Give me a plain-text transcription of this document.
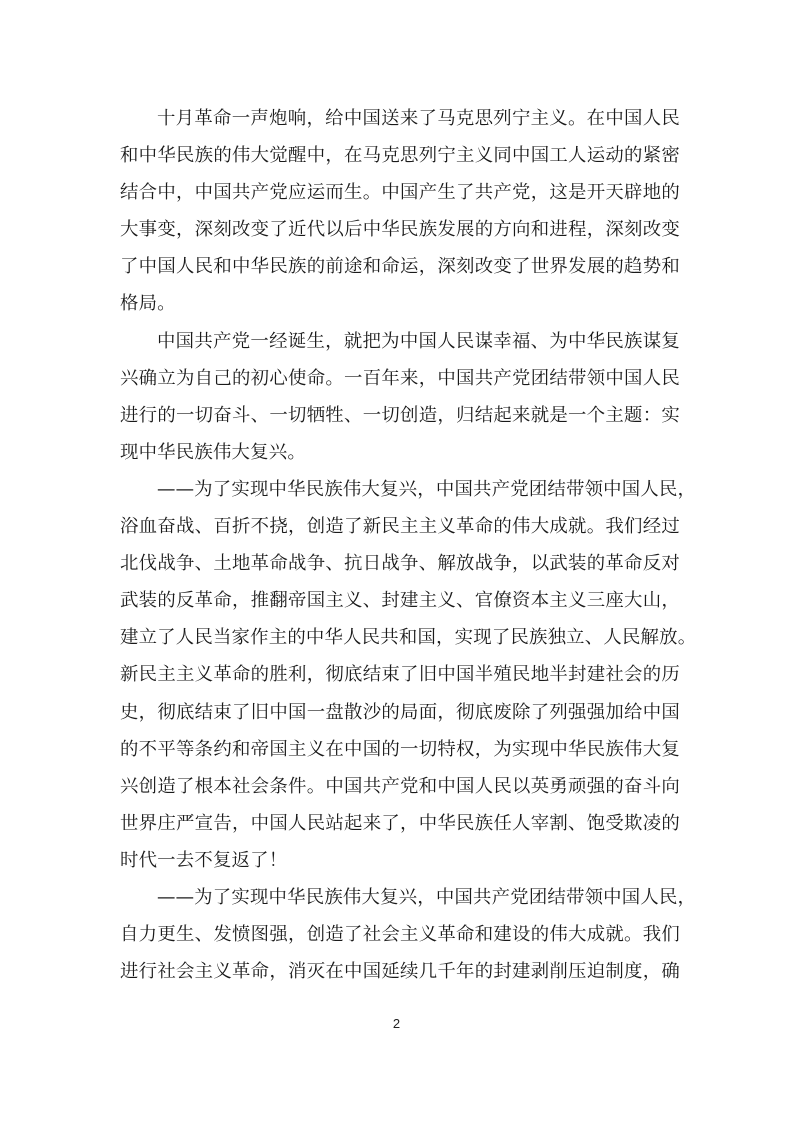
十月革命一声炮响，给中国送来了马克思列宁主义。在中国人民
和中华民族的伟大觉醒中，在马克思列宁主义同中国工人运动的紧密
结合中，中国共产党应运而生。中国产生了共产党，这是开天辟地的
大事变，深刻改变了近代以后中华民族发展的方向和进程，深刻改变
了中国人民和中华民族的前途和命运，深刻改变了世界发展的趋势和
格局。
中国共产党一经诞生，就把为中国人民谋幸福、为中华民族谋复
兴确立为自己的初心使命。一百年来，中国共产党团结带领中国人民
进行的一切奋斗、一切牺牲、一切创造，归结起来就是一个主题：实
现中华民族伟大复兴。
——为了实现中华民族伟大复兴，中国共产党团结带领中国人民，
浴血奋战、百折不挠，创造了新民主主义革命的伟大成就。我们经过
北伐战争、土地革命战争、抗日战争、解放战争，以武装的革命反对
武装的反革命，推翻帝国主义、封建主义、官僚资本主义三座大山，
建立了人民当家作主的中华人民共和国，实现了民族独立、人民解放。
新民主主义革命的胜利，彻底结束了旧中国半殖民地半封建社会的历
史，彻底结束了旧中国一盘散沙的局面，彻底废除了列强强加给中国
的不平等条约和帝国主义在中国的一切特权，为实现中华民族伟大复
兴创造了根本社会条件。中国共产党和中国人民以英勇顽强的奋斗向
世界庄严宣告，中国人民站起来了，中华民族任人宰割、饱受欺凌的
时代一去不复返了！
——为了实现中华民族伟大复兴，中国共产党团结带领中国人民，
自力更生、发愤图强，创造了社会主义革命和建设的伟大成就。我们
进行社会主义革命，消灭在中国延续几千年的封建剥削压迫制度，确
2
